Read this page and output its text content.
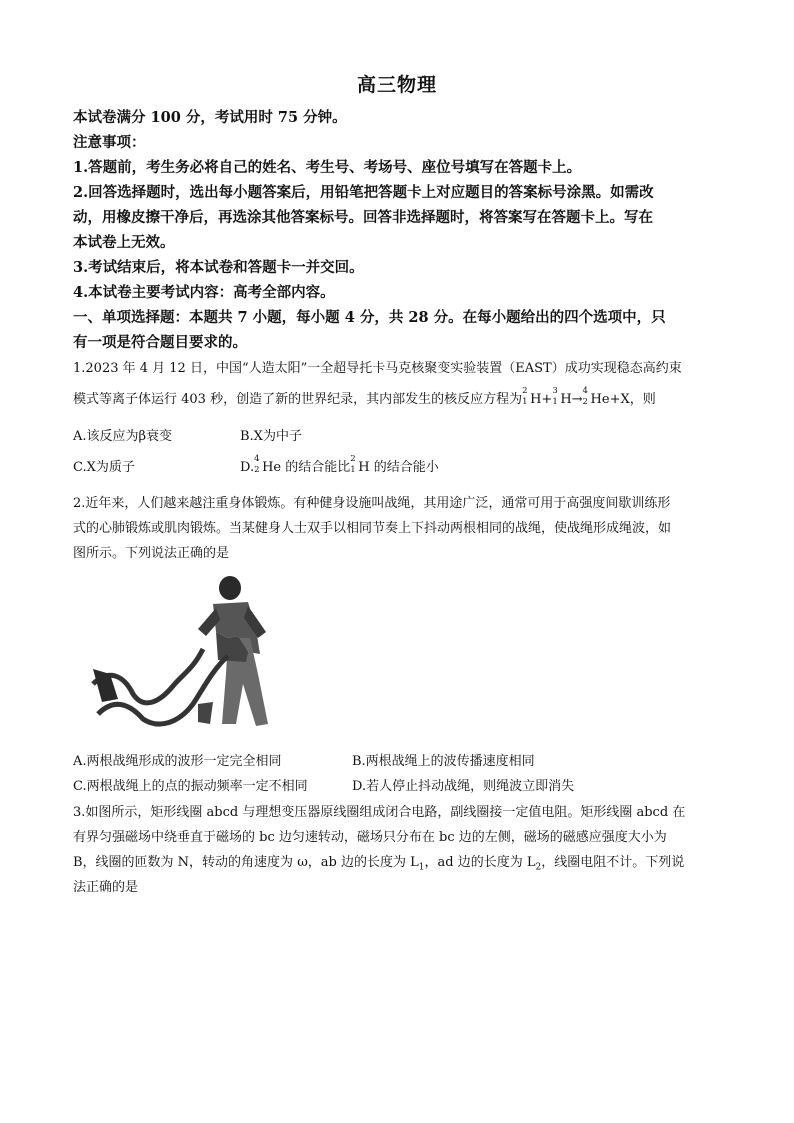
高三物理
本试卷满分 100 分，考试用时 75 分钟。
注意事项：
1.答题前，考生务必将自己的姓名、考生号、考场号、座位号填写在答题卡上。
2.回答选择题时，选出每小题答案后，用铅笔把答题卡上对应题目的答案标号涂黑。如需改
动，用橡皮擦干净后，再选涂其他答案标号。回答非选择题时，将答案写在答题卡上。写在
本试卷上无效。
3.考试结束后，将本试卷和答题卡一并交回。
4.本试卷主要考试内容：高考全部内容。
一、单项选择题：本题共 7 小题，每小题 4 分，共 28 分。在每小题给出的四个选项中，只
有一项是符合题目要求的。
1.2023 年 4 月 12 日，中国“人造太阳”一全超导托卡马克核聚变实验装置（EAST）成功实现稳态高约束
模式等离子体运行 403 秒，创造了新的世界纪录，其内部发生的核反应方程为
2
1 H+
3
1 H→
4
2 He+X，则
A.该反应为β衰变	B.X为中子
C.X为质子	D.
4
2 He 的结合能比
2
1 H 的结合能小
2.近年来，人们越来越注重身体锻炼。有种健身设施叫战绳，其用途广泛，通常可用于高强度间歇训练形
式的心肺锻炼或肌肉锻炼。当某健身人士双手以相同节奏上下抖动两根相同的战绳，使战绳形成绳波，如
图所示。下列说法正确的是
A.两根战绳形成的波形一定完全相同	B.两根战绳上的波传播速度相同
C.两根战绳上的点的振动频率一定不相同	D.若人停止抖动战绳，则绳波立即消失
3.如图所示，矩形线圈 abcd 与理想变压器原线圈组成闭合电路，副线圈接一定值电阻。矩形线圈 abcd 在
有界匀强磁场中绕垂直于磁场的 bc 边匀速转动，磁场只分布在 bc 边的左侧，磁场的磁感应强度大小为
B，线圈的匝数为 N，转动的角速度为 ω，ab 边的长度为 $L_1$，ad 边的长度为 $L_2$，线圈电阻不计。下列说
法正确的是
